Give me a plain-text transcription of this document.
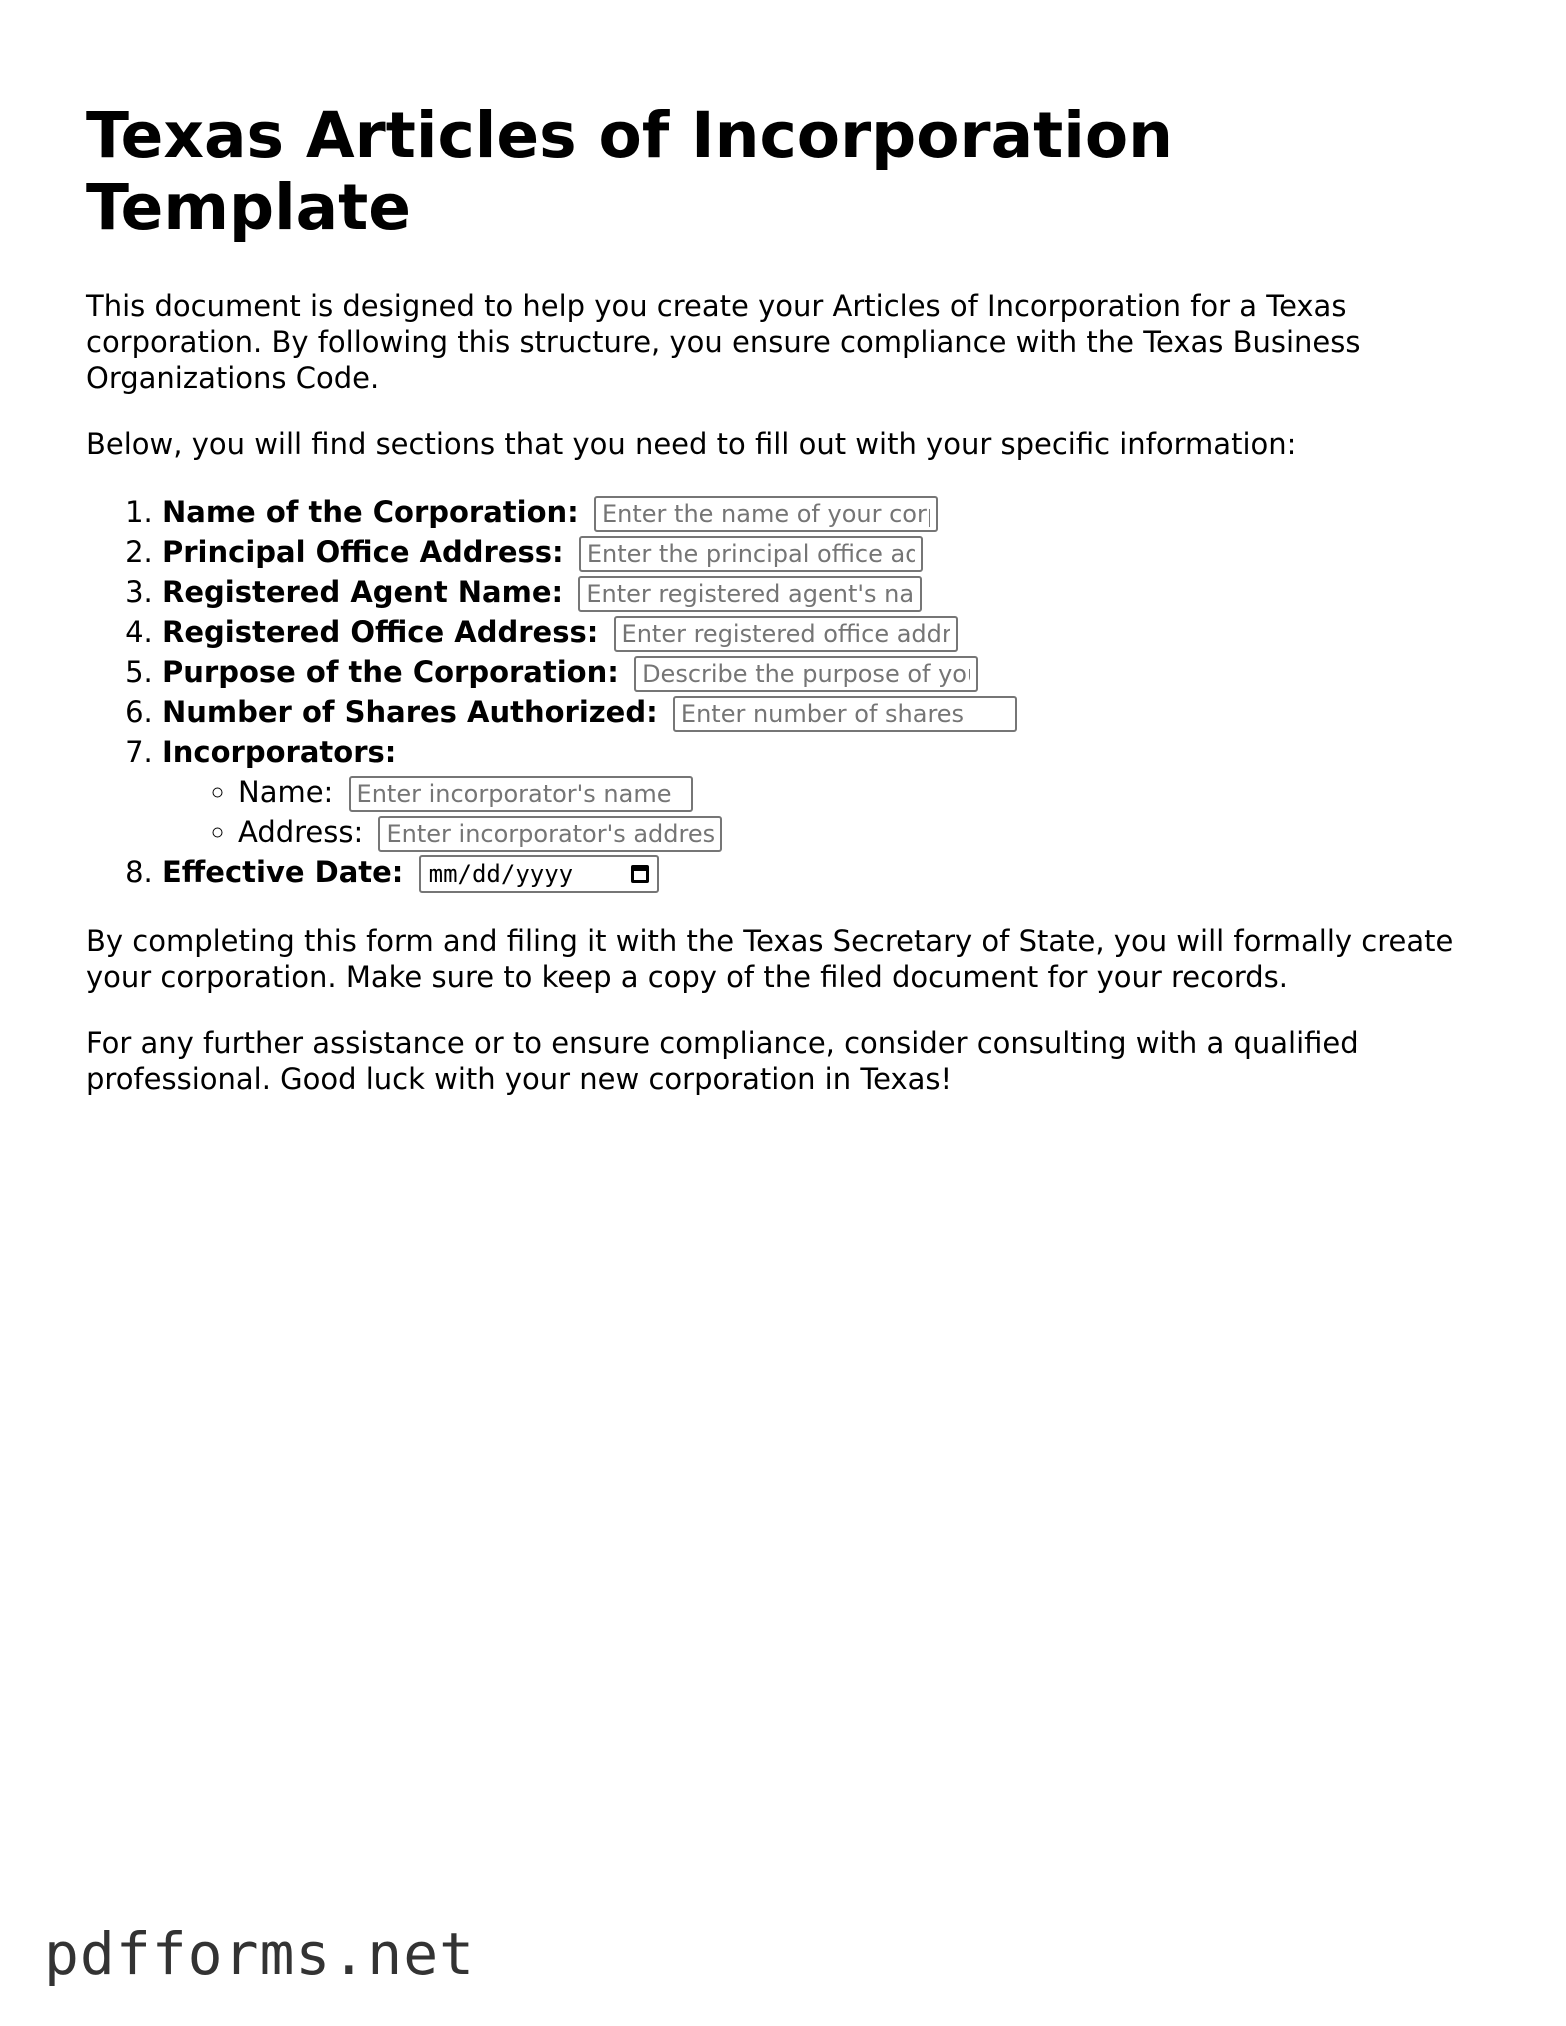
Texas Articles of Incorporation Template

This document is designed to help you create your Articles of Incorporation for a Texas corporation. By following this structure, you ensure compliance with the Texas Business Organizations Code.

Below, you will find sections that you need to fill out with your specific information:

1. Name of the Corporation: Enter the name of your corporation
2. Principal Office Address: Enter the principal office address
3. Registered Agent Name: Enter registered agent's name
4. Registered Office Address: Enter registered office address
5. Purpose of the Corporation: Describe the purpose of your corporation
6. Number of Shares Authorized: Enter number of shares
7. Incorporators:
◦ Name: Enter incorporator's name
◦ Address: Enter incorporator's address
8. Effective Date: mm/dd/yyyy

By completing this form and filing it with the Texas Secretary of State, you will formally create your corporation. Make sure to keep a copy of the filed document for your records.

For any further assistance or to ensure compliance, consider consulting with a qualified professional. Good luck with your new corporation in Texas!

pdfforms.net
